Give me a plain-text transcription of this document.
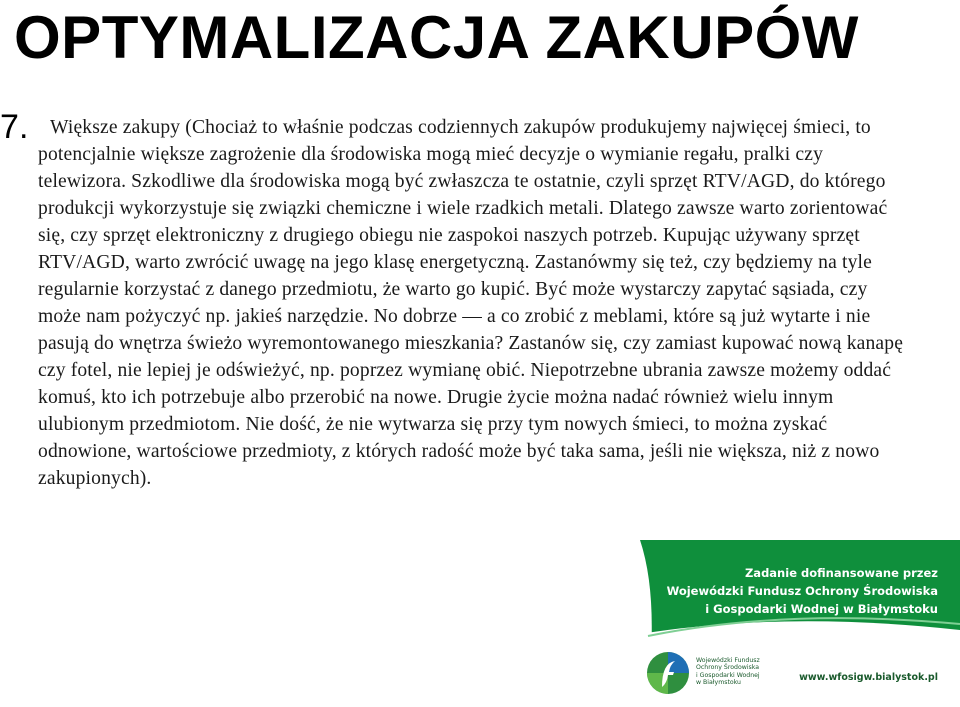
OPTYMALIZACJA ZAKUPÓW
7. Większe zakupy (Chociaż to właśnie podczas codziennych zakupów produkujemy najwięcej śmieci, to potencjalnie większe zagrożenie dla środowiska mogą mieć decyzje o wymianie regału, pralki czy telewizora. Szkodliwe dla środowiska mogą być zwłaszcza te ostatnie, czyli sprzęt RTV/AGD, do którego produkcji wykorzystuje się związki chemiczne i wiele rzadkich metali. Dlatego zawsze warto zorientować się, czy sprzęt elektroniczny z drugiego obiegu nie zaspokoi naszych potrzeb. Kupując używany sprzęt RTV/AGD, warto zwrócić uwagę na jego klasę energetyczną. Zastanówmy się też, czy będziemy na tyle regularnie korzystać z danego przedmiotu, że warto go kupić. Być może wystarczy zapytać sąsiada, czy może nam pożyczyć np. jakieś narzędzie. No dobrze — a co zrobić z meblami, które są już wytarte i nie pasują do wnętrza świeżo wyremontowanego mieszkania? Zastanów się, czy zamiast kupować nową kanapę czy fotel, nie lepiej je odświeżyć, np. poprzez wymianę obić. Niepotrzebne ubrania zawsze możemy oddać komuś, kto ich potrzebuje albo przerobić na nowe. Drugie życie można nadać również wielu innym ulubionym przedmiotom. Nie dość, że nie wytwarza się przy tym nowych śmieci, to można zyskać odnowione, wartościowe przedmioty, z których radość może być taka sama, jeśli nie większa, niż z nowo zakupionych).
Zadanie dofinansowane przez
Wojewódzki Fundusz Ochrony Środowiska
i Gospodarki Wodnej w Białymstoku
Wojewódzki Fundusz
Ochrony Środowiska
i Gospodarki Wodnej
w Białymstoku	www.wfosigw.bialystok.pl
